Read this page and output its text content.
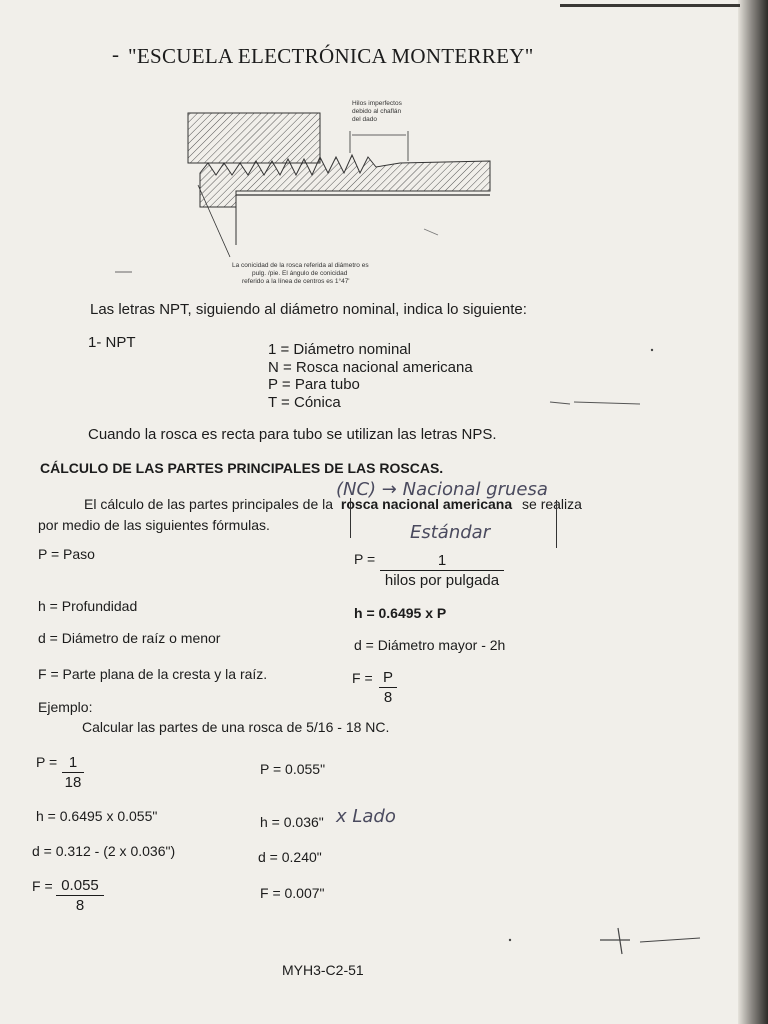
- "ESCUELA ELECTRÓNICA MONTERREY"
Hilos imperfectos
debido al chaflán
del dado
La conicidad de la rosca referida al diámetro es
pulg. /pie. El ángulo de conicidad
referido a la línea de centros es 1°47'
Las letras NPT, siguiendo al diámetro nominal, indica lo siguiente:
1- NPT	1 = Diámetro nominal
N = Rosca nacional americana
P = Para tubo
T = Cónica
Cuando la rosca es recta para tubo se utilizan las letras NPS.
CÁLCULO DE LAS PARTES PRINCIPALES DE LAS ROSCAS.
(NC) → Nacional gruesa
Estándar
El cálculo de las partes principales de la rosca nacional americana se realiza
por medio de las siguientes fórmulas.
P = Paso	P =	1
hilos por pulgada
h = Profundidad	h = 0.6495 x P
d = Diámetro de raíz o menor	d = Diámetro mayor - 2h
F = Parte plana de la cresta y la raíz.	$F = \frac{P}{8}$
Ejemplo:
Calcular las partes de una rosca de 5/16 - 18 NC.
$P = \frac{1}{18}$	P = 0.055"
h = 0.6495 x 0.055"	h = 0.036" x Lado
d = 0.312 - (2 x 0.036")	d = 0.240"
$F = \frac{0.055}{8}$	F = 0.007"
MYH3-C2-51
